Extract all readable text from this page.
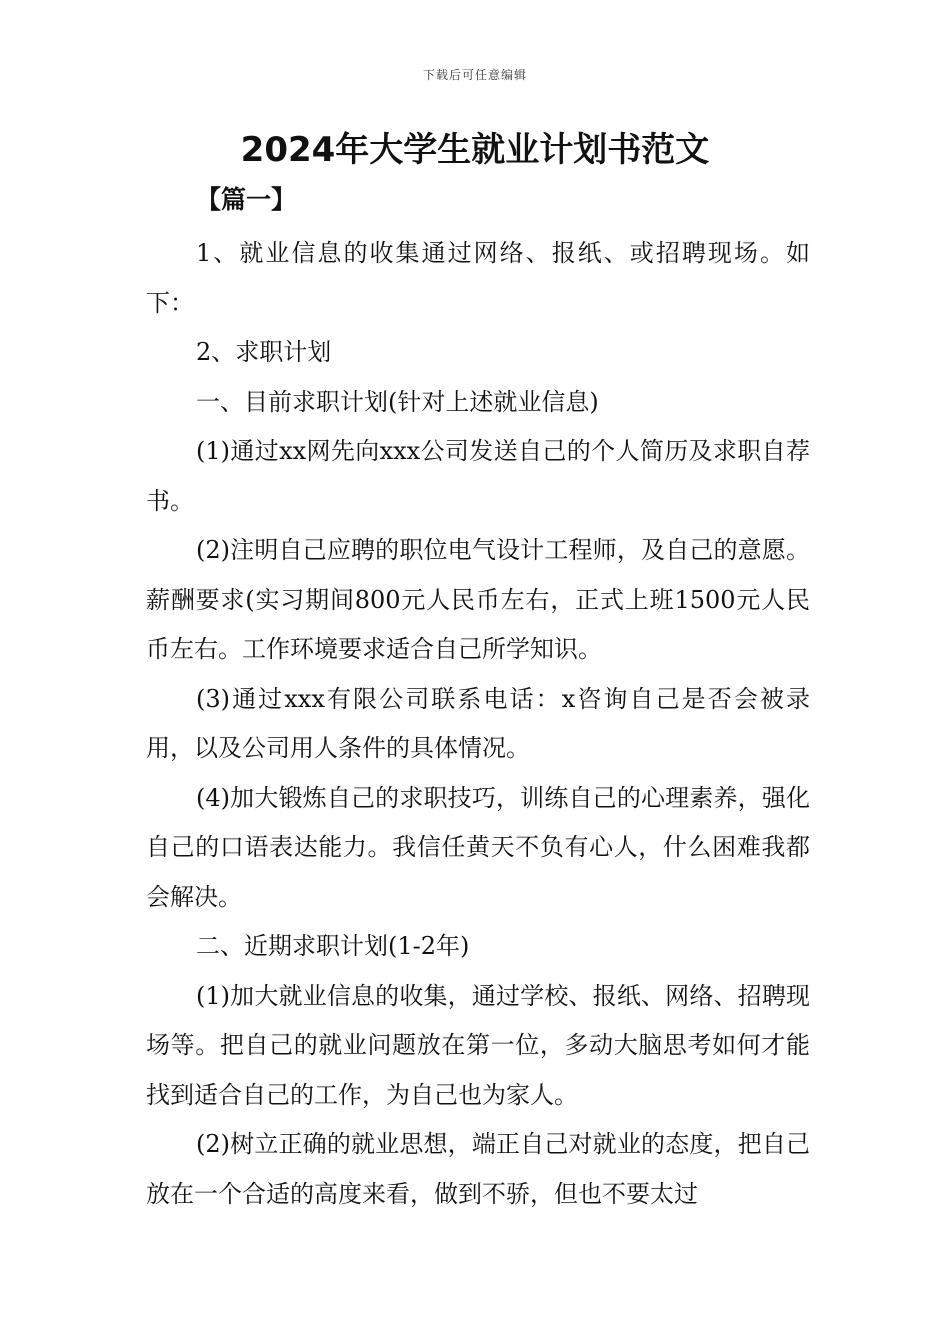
下载后可任意编辑
2024年大学生就业计划书范文
【篇一】

1、就业信息的收集通过网络、报纸、或招聘现场。如下：

2、求职计划

一、目前求职计划(针对上述就业信息)

(1)通过xx网先向xxx公司发送自己的个人简历及求职自荐书。

(2)注明自己应聘的职位电气设计工程师，及自己的意愿。薪酬要求(实习期间800元人民币左右，正式上班1500元人民币左右。工作环境要求适合自己所学知识。

(3)通过xxx有限公司联系电话：x咨询自己是否会被录用，以及公司用人条件的具体情况。

(4)加大锻炼自己的求职技巧，训练自己的心理素养，强化自己的口语表达能力。我信任黄天不负有心人，什么困难我都会解决。

二、近期求职计划(1-2年)

(1)加大就业信息的收集，通过学校、报纸、网络、招聘现场等。把自己的就业问题放在第一位，多动大脑思考如何才能找到适合自己的工作，为自己也为家人。

(2)树立正确的就业思想，端正自己对就业的态度，把自己放在一个合适的高度来看，做到不骄，但也不要太过
